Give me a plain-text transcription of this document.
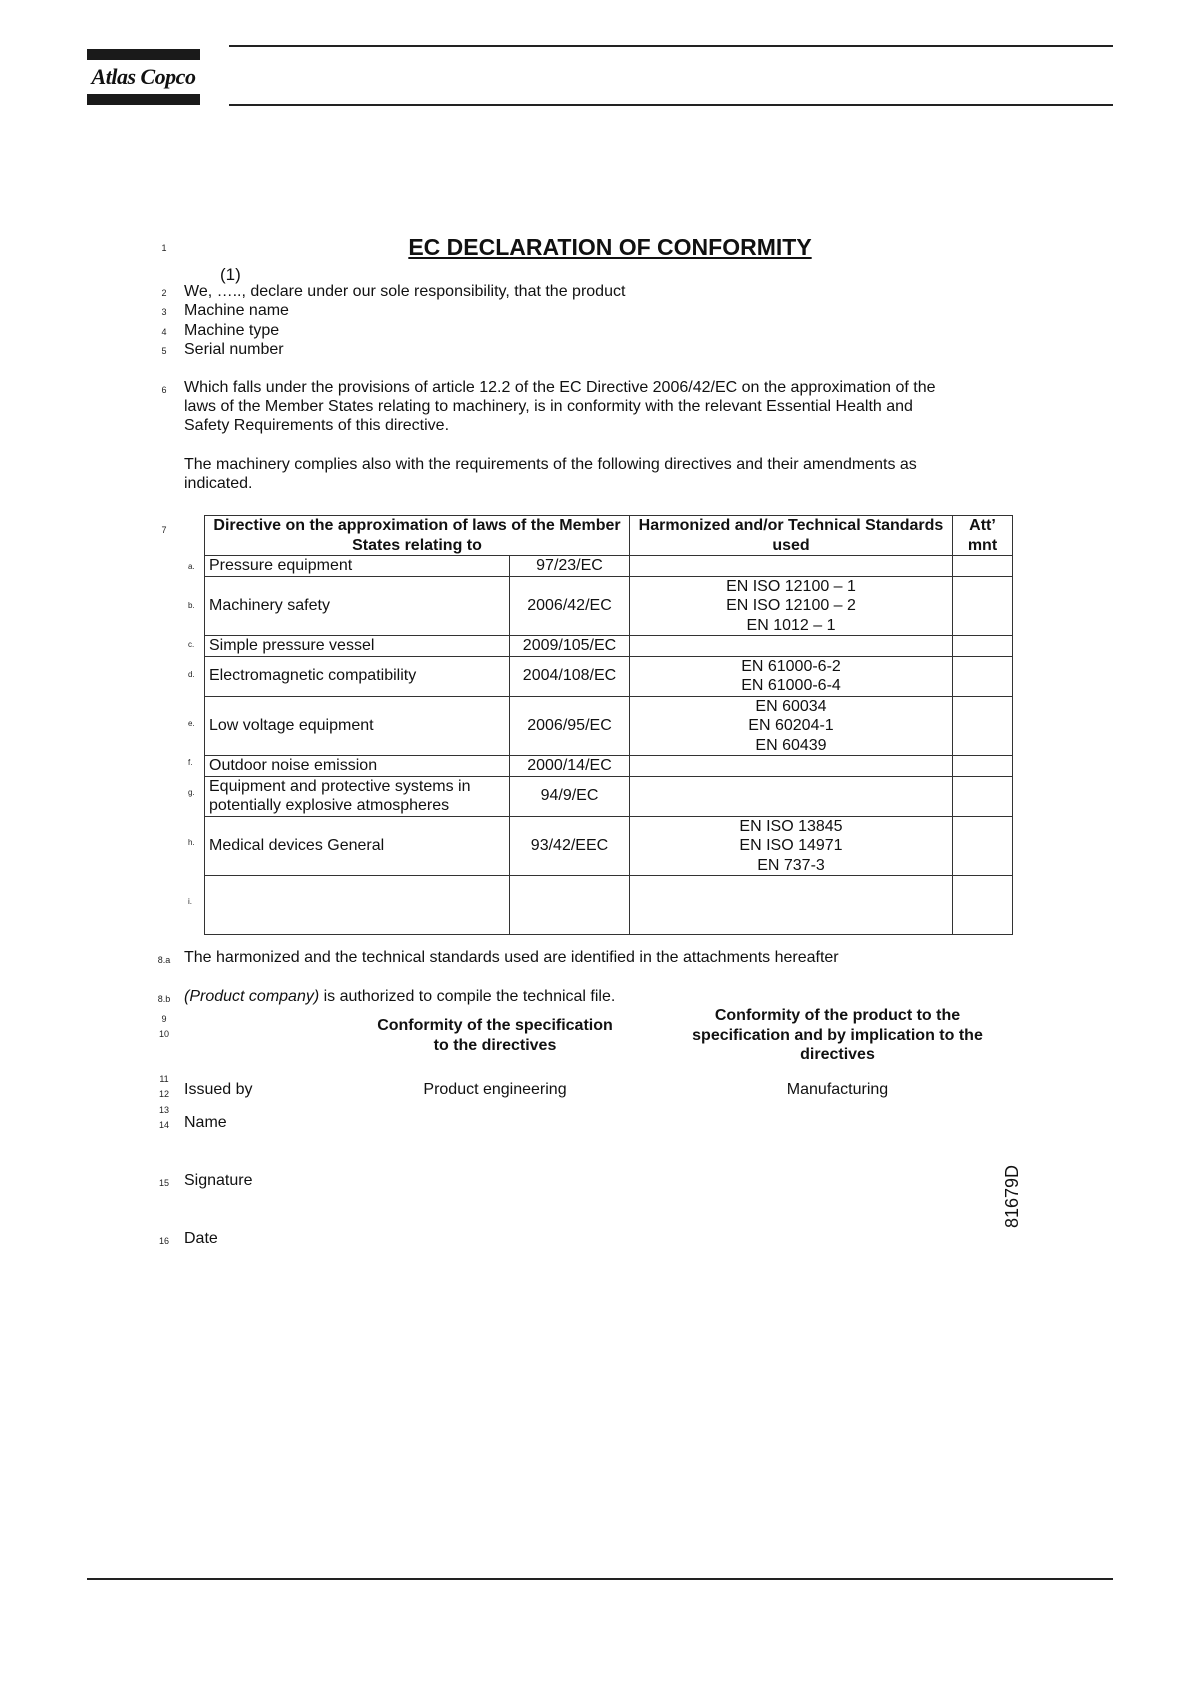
Atlas Copco
1	EC DECLARATION OF CONFORMITY
(1)
2	We, ….., declare under our sole responsibility, that the product
3	Machine name
4	Machine type
5	Serial number
6	Which falls under the provisions of article 12.2 of the EC Directive 2006/42/EC on the approximation of the
laws of the Member States relating to machinery, is in conformity with the relevant Essential Health and
Safety Requirements of this directive.
The machinery complies also with the requirements of the following directives and their amendments as
indicated.
7	Directive on the approximation of laws of the Member States relating to		Harmonized and/or Technical Standards used	Att’ mnt
Pressure equipment	97/23/EC		
Machinery safety	2006/42/EC	EN ISO 12100 – 1
EN ISO 12100 – 2
EN 1012 – 1	
Simple pressure vessel	2009/105/EC		
Electromagnetic compatibility	2004/108/EC	EN 61000-6-2
EN 61000-6-4	
Low voltage equipment	2006/95/EC	EN 60034
EN 60204-1
EN 60439	
Outdoor noise emission	2000/14/EC		
Equipment and protective systems in potentially explosive atmospheres	94/9/EC		
Medical devices General	93/42/EEC	EN ISO 13845
EN ISO 14971
EN 737-3	

a.
b.
c.
d.
e.
f.
g.
h.
i.
8.a The harmonized and the technical standards used are identified in the attachments hereafter
8.b (Product company) is authorized to compile the technical file.
9
10	Conformity of the specification to the directives
Conformity of the product to the specification and by implication to the directives
11
12 Issued by	Product engineering	Manufacturing
13
14 Name
15 Signature
16 Date
81679D
